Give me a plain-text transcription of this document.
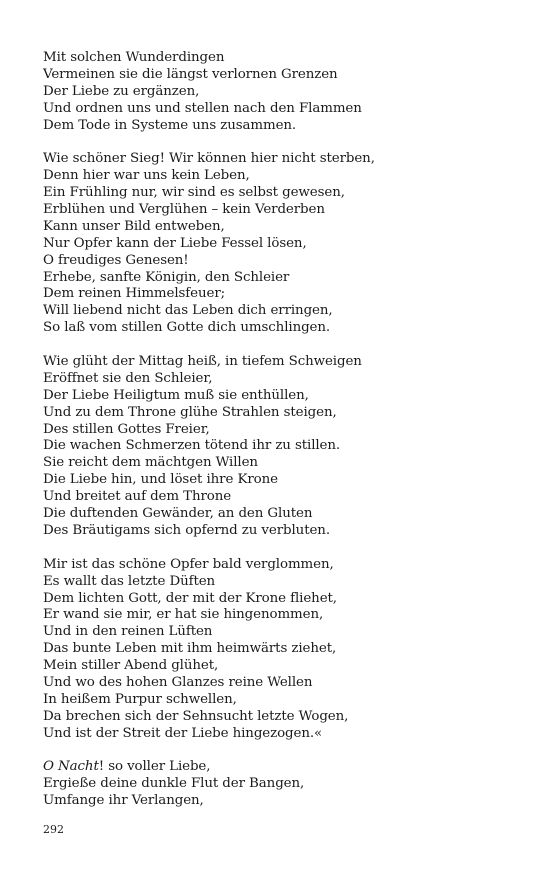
Mit solchen Wunderdingen
Vermeinen sie die längst verlornen Grenzen
Der Liebe zu ergänzen,
Und ordnen uns und stellen nach den Flammen
Dem Tode in Systeme uns zusammen.
Wie schöner Sieg! Wir können hier nicht sterben,
Denn hier war uns kein Leben,
Ein Frühling nur, wir sind es selbst gewesen,
Erblühen und Verglühen – kein Verderben
Kann unser Bild entweben,
Nur Opfer kann der Liebe Fessel lösen,
O freudiges Genesen!
Erhebe, sanfte Königin, den Schleier
Dem reinen Himmelsfeuer;
Will liebend nicht das Leben dich erringen,
So laß vom stillen Gotte dich umschlingen.
Wie glüht der Mittag heiß, in tiefem Schweigen
Eröffnet sie den Schleier,
Der Liebe Heiligtum muß sie enthüllen,
Und zu dem Throne glühe Strahlen steigen,
Des stillen Gottes Freier,
Die wachen Schmerzen tötend ihr zu stillen.
Sie reicht dem mächtgen Willen
Die Liebe hin, und löset ihre Krone
Und breitet auf dem Throne
Die duftenden Gewänder, an den Gluten
Des Bräutigams sich opfernd zu verbluten.
Mir ist das schöne Opfer bald verglommen,
Es wallt das letzte Düften
Dem lichten Gott, der mit der Krone fliehet,
Er wand sie mir, er hat sie hingenommen,
Und in den reinen Lüften
Das bunte Leben mit ihm heimwärts ziehet,
Mein stiller Abend glühet,
Und wo des hohen Glanzes reine Wellen
In heißem Purpur schwellen,
Da brechen sich der Sehnsucht letzte Wogen,
Und ist der Streit der Liebe hingezogen.«
O Nacht! so voller Liebe,
Ergieße deine dunkle Flut der Bangen,
Umfange ihr Verlangen,
292
